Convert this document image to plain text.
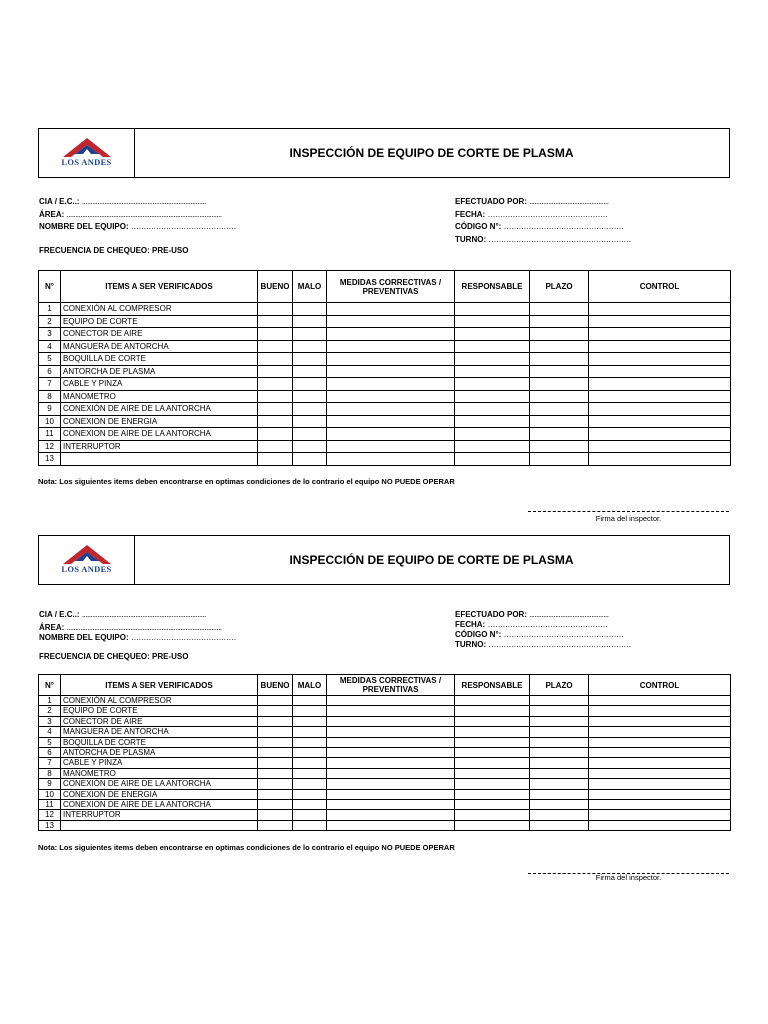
LOS ANDES
INSPECCIÓN DE EQUIPO DE CORTE DE PLASMA
CIA / E.C..: ........................................................................
ÁREA: ..........................................................................................
NOMBRE DEL EQUIPO: ……………………………………
EFECTUADO POR: ..............................................
FECHA: …………………………………………
CÓDIGO N°: …………………………………………
TURNO: …………………………………………………
FRECUENCIA DE CHEQUEO: PRE-USO
N°	ITEMS A SER VERIFICADOS	BUENO	MALO	MEDIDAS CORRECTIVAS / PREVENTIVAS	RESPONSABLE	PLAZO	CONTROL
1	CONEXIÓN AL COMPRESOR						
2	EQUIPO DE CORTE						
3	CONECTOR DE AIRE						
4	MANGUERA DE ANTORCHA						
5	BOQUILLA DE CORTE						
6	ANTORCHA DE PLASMA						
7	CABLE Y PINZA						
8	MANOMETRO						
9	CONEXIÓN DE AIRE DE LA ANTORCHA						
10	CONEXION DE ENERGIA						
11	CONEXION DE AIRE DE LA ANTORCHA						
12	INTERRUPTOR						
13							
Nota: Los siguientes items deben encontrarse en optimas condiciones de lo contrario el equipo NO PUEDE OPERAR
Firma del inspector.
LOS ANDES
INSPECCIÓN DE EQUIPO DE CORTE DE PLASMA
CIA / E.C..: ........................................................................
ÁREA: ..........................................................................................
NOMBRE DEL EQUIPO: ……………………………………
EFECTUADO POR: ..............................................
FECHA: …………………………………………
CÓDIGO N°: …………………………………………
TURNO: …………………………………………………
FRECUENCIA DE CHEQUEO: PRE-USO
N°	ITEMS A SER VERIFICADOS	BUENO	MALO	MEDIDAS CORRECTIVAS / PREVENTIVAS	RESPONSABLE	PLAZO	CONTROL
1	CONEXIÓN AL COMPRESOR						
2	EQUIPO DE CORTE						
3	CONECTOR DE AIRE						
4	MANGUERA DE ANTORCHA						
5	BOQUILLA DE CORTE						
6	ANTORCHA DE PLASMA						
7	CABLE Y PINZA						
8	MANOMETRO						
9	CONEXIÓN DE AIRE DE LA ANTORCHA						
10	CONEXION DE ENERGIA						
11	CONEXION DE AIRE DE LA ANTORCHA						
12	INTERRUPTOR						
13							
Nota: Los siguientes items deben encontrarse en optimas condiciones de lo contrario el equipo NO PUEDE OPERAR
Firma del inspector.
